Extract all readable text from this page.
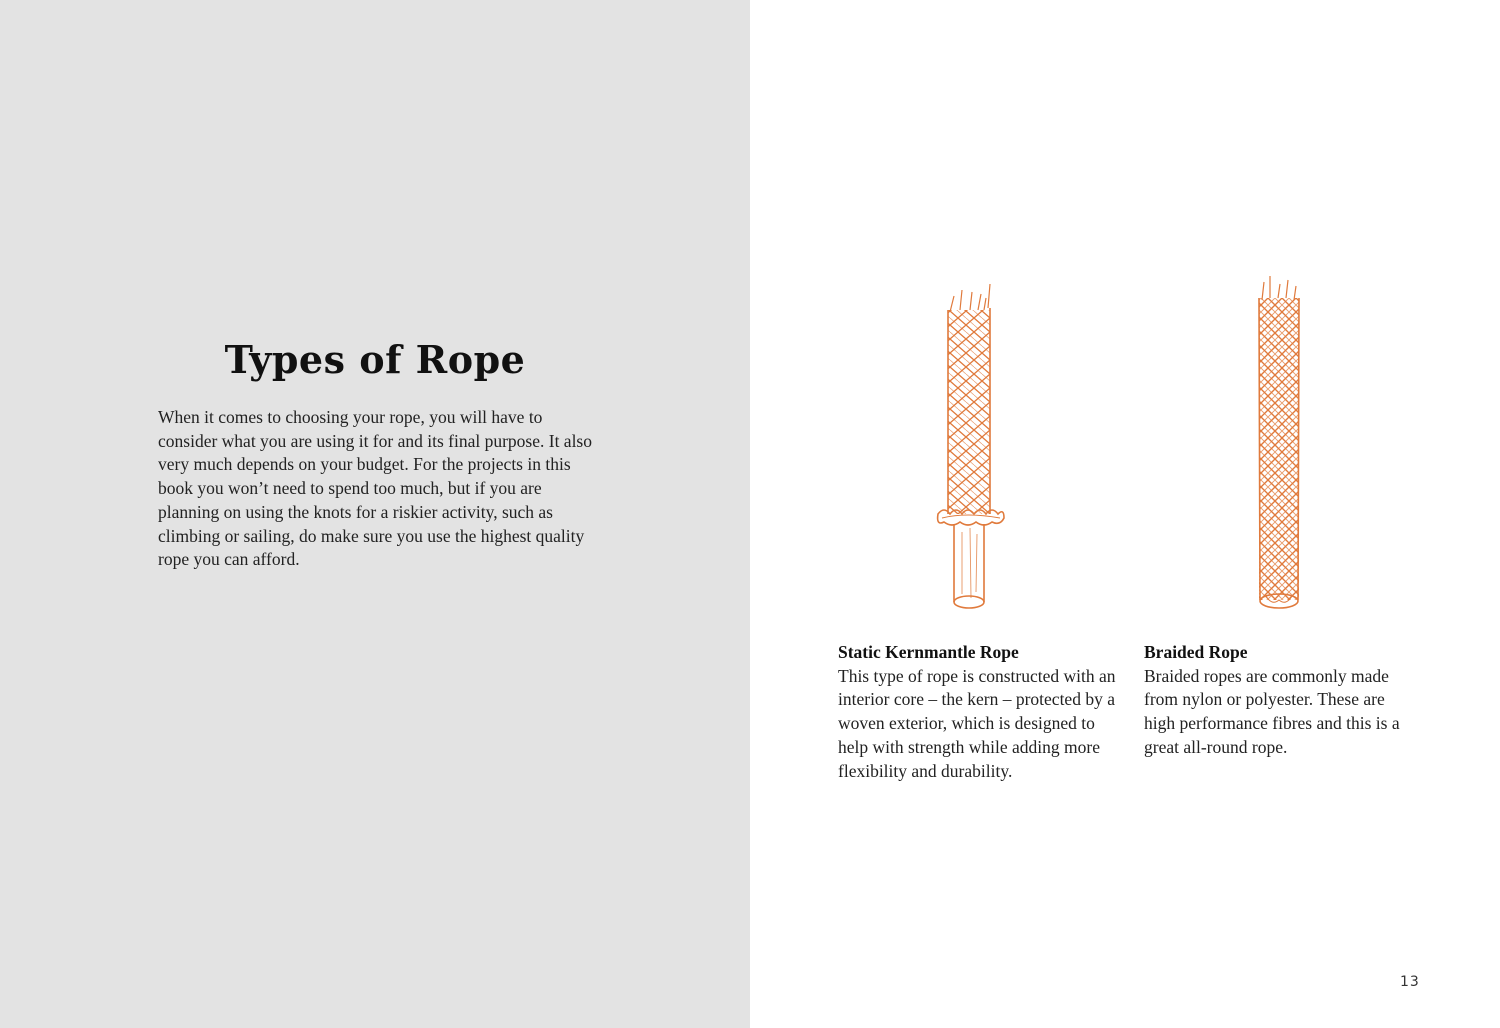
Types of Rope

When it comes to choosing your rope, you will have to consider what you are using it for and its final purpose. It also very much depends on your budget. For the projects in this book you won’t need to spend too much, but if you are planning on using the knots for a riskier activity, such as climbing or sailing, do make sure you use the highest quality rope you can afford.

Static Kernmantle Rope
This type of rope is constructed with an interior core – the kern – protected by a woven exterior, which is designed to help with strength while adding more flexibility and durability.
Braided Rope
Braided ropes are commonly made from nylon or polyester. These are high performance fibres and this is a great all-round rope.
13
